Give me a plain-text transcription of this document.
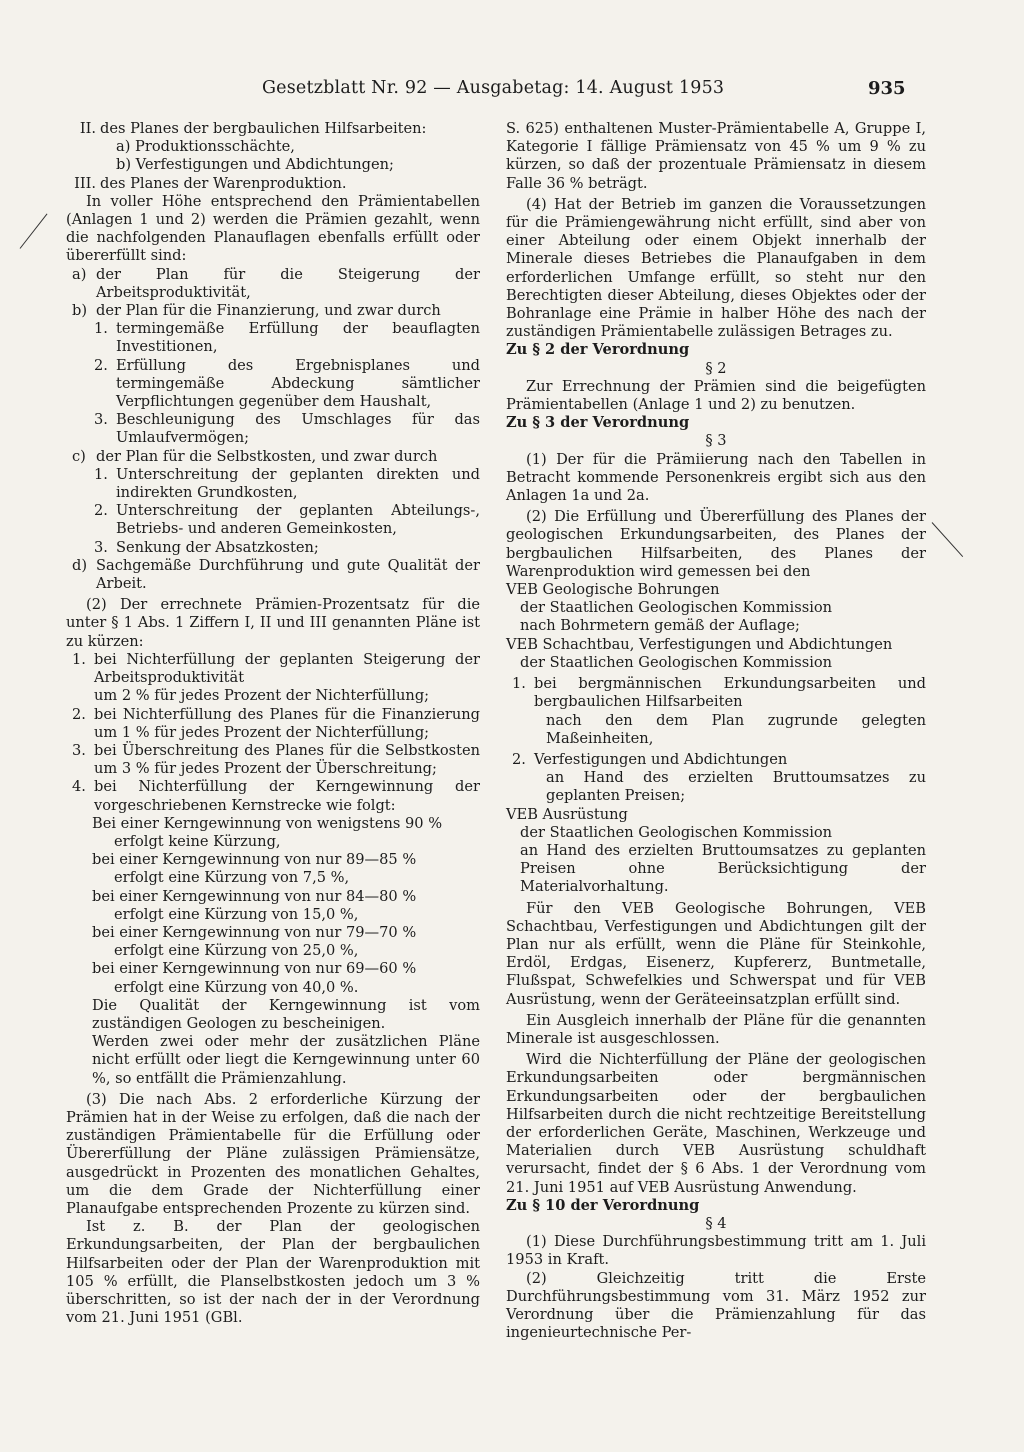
Gesetzblatt Nr. 92 — Ausgabetag: 14. August 1953	935
II. des Planes der bergbaulichen Hilfsarbeiten:
a) Produktionsschächte,
b) Verfestigungen und Abdichtungen;
III. des Planes der Warenproduktion.

In voller Höhe entsprechend den Prämientabellen (Anlagen 1 und 2) werden die Prämien gezahlt, wenn die nachfolgenden Planauflagen ebenfalls erfüllt oder übererfüllt sind:

a) der Plan für die Steigerung der Arbeitsproduktivität,
b) der Plan für die Finanzierung, und zwar durch
1. termingemäße Erfüllung der beauflagten Investitionen,
2. Erfüllung des Ergebnisplanes und termingemäße Abdeckung sämtlicher Verpflichtungen gegenüber dem Haushalt,
3. Beschleunigung des Umschlages für das Umlaufvermögen;
c) der Plan für die Selbstkosten, und zwar durch
1. Unterschreitung der geplanten direkten und indirekten Grundkosten,
2. Unterschreitung der geplanten Abteilungs-, Betriebs- und anderen Gemeinkosten,
3. Senkung der Absatzkosten;
d) Sachgemäße Durchführung und gute Qualität der Arbeit.

(2) Der errechnete Prämien-Prozentsatz für die unter § 1 Abs. 1 Ziffern I, II und III genannten Pläne ist zu kürzen:

1. bei Nichterfüllung der geplanten Steigerung der Arbeitsproduktivität
um 2 % für jedes Prozent der Nichterfüllung;
2. bei Nichterfüllung des Planes für die Finanzierung um 1 % für jedes Prozent der Nichterfüllung;
3. bei Überschreitung des Planes für die Selbstkosten um 3 % für jedes Prozent der Überschreitung;
4. bei Nichterfüllung der Kerngewinnung der vorgeschriebenen Kernstrecke wie folgt:
Bei einer Kerngewinnung von wenigstens 90 %
erfolgt keine Kürzung,
bei einer Kerngewinnung von nur 89—85 %
erfolgt eine Kürzung von 7,5 %,
bei einer Kerngewinnung von nur 84—80 %
erfolgt eine Kürzung von 15,0 %,
bei einer Kerngewinnung von nur 79—70 %
erfolgt eine Kürzung von 25,0 %,
bei einer Kerngewinnung von nur 69—60 %
erfolgt eine Kürzung von 40,0 %.
Die Qualität der Kerngewinnung ist vom zuständigen Geologen zu bescheinigen.
Werden zwei oder mehr der zusätzlichen Pläne nicht erfüllt oder liegt die Kerngewinnung unter 60 %, so entfällt die Prämienzahlung.

(3) Die nach Abs. 2 erforderliche Kürzung der Prämien hat in der Weise zu erfolgen, daß die nach der zuständigen Prämientabelle für die Erfüllung oder Übererfüllung der Pläne zulässigen Prämiensätze, ausgedrückt in Prozenten des monatlichen Gehaltes, um die dem Grade der Nichterfüllung einer Planaufgabe entsprechenden Prozente zu kürzen sind.

Ist z. B. der Plan der geologischen Erkundungsarbeiten, der Plan der bergbaulichen Hilfsarbeiten oder der Plan der Warenproduktion mit 105 % erfüllt, die Planselbstkosten jedoch um 3 % überschritten, so ist der nach der in der Verordnung vom 21. Juni 1951 (GBl.

S. 625) enthaltenen Muster-Prämientabelle A, Gruppe I, Kategorie I fällige Prämiensatz von 45 % um 9 % zu kürzen, so daß der prozentuale Prämiensatz in diesem Falle 36 % beträgt.

(4) Hat der Betrieb im ganzen die Voraussetzungen für die Prämiengewährung nicht erfüllt, sind aber von einer Abteilung oder einem Objekt innerhalb der Minerale dieses Betriebes die Planaufgaben in dem erforderlichen Umfange erfüllt, so steht nur den Berechtigten dieser Abteilung, dieses Objektes oder der Bohranlage eine Prämie in halber Höhe des nach der zuständigen Prämientabelle zulässigen Betrages zu.

Zu § 2 der Verordnung
§ 2

Zur Errechnung der Prämien sind die beigefügten Prämientabellen (Anlage 1 und 2) zu benutzen.

Zu § 3 der Verordnung
§ 3

(1) Der für die Prämiierung nach den Tabellen in Betracht kommende Personenkreis ergibt sich aus den Anlagen 1a und 2a.

(2) Die Erfüllung und Übererfüllung des Planes der geologischen Erkundungsarbeiten, des Planes der bergbaulichen Hilfsarbeiten, des Planes der Warenproduktion wird gemessen bei den

VEB Geologische Bohrungen
der Staatlichen Geologischen Kommission
nach Bohrmetern gemäß der Auflage;
VEB Schachtbau, Verfestigungen und Abdichtungen
der Staatlichen Geologischen Kommission
1. bei bergmännischen Erkundungsarbeiten und bergbaulichen Hilfsarbeiten
nach den dem Plan zugrunde gelegten Maßeinheiten,
2. Verfestigungen und Abdichtungen
an Hand des erzielten Bruttoumsatzes zu geplanten Preisen;
VEB Ausrüstung
der Staatlichen Geologischen Kommission
an Hand des erzielten Bruttoumsatzes zu geplanten Preisen ohne Berücksichtigung der Materialvorhaltung.

Für den VEB Geologische Bohrungen, VEB Schachtbau, Verfestigungen und Abdichtungen gilt der Plan nur als erfüllt, wenn die Pläne für Steinkohle, Erdöl, Erdgas, Eisenerz, Kupfererz, Buntmetalle, Flußspat, Schwefelkies und Schwerspat und für VEB Ausrüstung, wenn der Geräteeinsatzplan erfüllt sind.

Ein Ausgleich innerhalb der Pläne für die genannten Minerale ist ausgeschlossen.

Wird die Nichterfüllung der Pläne der geologischen Erkundungsarbeiten oder bergmännischen Erkundungsarbeiten oder der bergbaulichen Hilfsarbeiten durch die nicht rechtzeitige Bereitstellung der erforderlichen Geräte, Maschinen, Werkzeuge und Materialien durch VEB Ausrüstung schuldhaft verursacht, findet der § 6 Abs. 1 der Verordnung vom 21. Juni 1951 auf VEB Ausrüstung Anwendung.

Zu § 10 der Verordnung
§ 4

(1) Diese Durchführungsbestimmung tritt am 1. Juli 1953 in Kraft.

(2) Gleichzeitig tritt die Erste Durchführungsbestimmung vom 31. März 1952 zur Verordnung über die Prämienzahlung für das ingenieurtechnische Per-
